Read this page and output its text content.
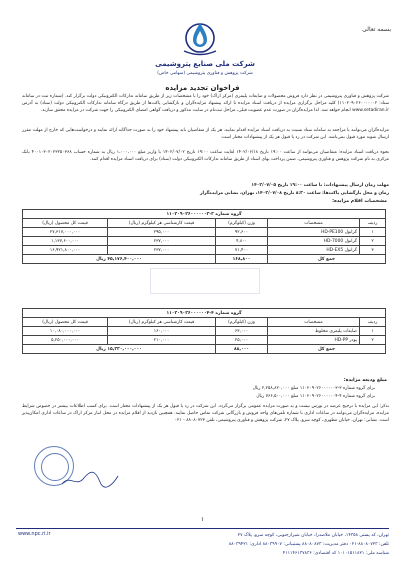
بسمه تعالی
شرکت ملی صنایع پتروشیمی
شرکت پژوهش و فناوری پتروشیمی (سهامی خاص)
فراخوان تجدید مزایده
شرکت پژوهش و فناوری پتروشیمی در نظر دارد فروش محصولات و ضایعات پلیمری (مرکز اراک) خود را با مشخصات زیر از طریق سامانه تدارکات الکترونیکی دولت برگزار کند. (شماره ثبت در سامانه ستاد: ۱۱۰۲۰۹۰۲۶۰۰۰۰۰۰۲) کلیه مراحل برگزاری مزایده از دریافت اسناد مزایده تا ارائه پیشنهاد مزایده‌گران و بازگشایی پاکت‌ها از طریق درگاه سامانه تدارکات الکترونیکی دولت (ستاد) به آدرس www.setadiran.ir انجام خواهد شد. لذا مزایده‌گران در صورت عدم عضویت قبلی، مراحل ثبت‌نام در سایت مذکور و دریافت گواهی امضای الکترونیکی را جهت شرکت در مزایده محقق سازند.
مزایده‌گران می‌توانند با مراجعه به سامانه ستاد نسبت به دریافت اسناد مزایده اقدام نمایند. هر یک از متقاضیان باید پیشنهاد خود را به صورت جداگانه ارائه نمایند و درخواست‌هایی که خارج از مهلت مقرر ارسال شوند مورد قبول نمی‌باشد. این شرکت در رد یا قبول هر یک از پیشنهادات مختار است.
نحوه دریافت اسناد مزایده: متقاضیان می‌توانند از ساعت ۱۹:۰۰ تاریخ ۱۴۰۲/۰۶/۱۸ لغایت ساعت ۱۹:۰۰ تاریخ ۱۴۰۲/۰۷/۰۲ با واریز مبلغ ۱،۰۰۰،۰۰۰ ریال به شماره حساب ۴۰۰۱۰۳۰۲۰۲۳۲۵۰۳۶۸ بانک مرکزی به نام شرکت پژوهش و فناوری پتروشیمی، ضمن پرداخت بهای اسناد از طریق سامانه تدارکات الکترونیکی دولت (ستاد) برای دریافت اسناد مزایده اقدام کنند.
مهلت زمان ارسال پیشنهادات: تا ساعت ۱۹:۰۰ تاریخ ۱۴۰۲/۰۷/۰۵
زمان و محل بازگشایی پاکت‌ها: ساعت ۸:۳۰ تاریخ ۱۴۰۲/۰۷/۰۸، تهران، نشانی مزایده‌گزار
مشخصات اقلام مزایده:
گروه شماره ۳-۱۱۰۲۰۹۰۲۶۰۰۰۰۰۰۳				
ردیف	مشخصات	وزن (کیلوگرم)	قیمت کارشناسی هر کیلوگرم (ریال)	قیمت کل محصول (ریال)
۱	گرانول HD-PE100	۹۲,۶۰۰	۲۹۵,۰۰۰	۲۷,۳۱۷,۰۰۰,۰۰۰
۲	گرانول HD-7000	۴,۸۰۰	۲۳۷,۰۰۰	۱,۱۳۷,۶۰۰,۰۰۰
۳	گرانول HD-EX5	۷۱,۴۰۰	۲۳۷,۰۰۰	۱۶,۹۲۱,۸۰۰,۰۰۰
جمع کل		۱۶۸,۸۰۰	۴۵,۱۷۶,۴۰۰,۰۰۰ ریال	
گروه شماره ۴-۱۱۰۲۰۹۰۲۶۰۰۰۰۰۰۴				
ردیف	مشخصات	وزن (کیلوگرم)	قیمت کارشناسی هر کیلوگرم (ریال)	قیمت کل محصول (ریال)
۱	ضایعات پلیمری مخلوط	۶۳,۰۰۰	۱۶۰,۰۰۰	۱۰,۰۸۰,۰۰۰,۰۰۰
۲	پودر HD-PP	۲۵,۰۰۰	۲۱۰,۰۰۰	۵,۲۵۰,۰۰۰,۰۰۰
جمع کل		۸۸,۰۰۰	۱۵,۳۳۰,۰۰۰,۰۰۰ ریال	
مبلغ ودیعه مزایده:
برای گروه شماره ۳-۱۱۰۲۰۹۰۲۶۰۰۰۰۰۰۳ مبلغ ۲,۲۵۸,۸۲۰,۰۰۰ ریال
برای گروه شماره ۴-۱۱۰۲۰۹۰۲۶۰۰۰۰۰۰۴ مبلغ ۷۶۶,۵۰۰,۰۰۰ ریال
تذکر: این مزایده با ترجیح عرضه در بورس نیست و به صورت مزایده عمومی برگزار می‌گردد. این شرکت در رد یا قبول هر یک از پیشنهادات مختار است. برای کسب اطلاعات بیشتر در خصوص شرایط مزایده، مزایده‌گران می‌توانند در ساعات اداری با شماره تلفن‌های واحد فروش و بازرگانی شرکت تماس حاصل نمایند. همچنین بازدید از اقلام مزایده در محل انبار مرکز اراک در ساعات اداری امکان‌پذیر است. نشانی: تهران، خیابان مطهری، کوچه سرو، پلاک ۲۷، شرکت پژوهش و فناوری پتروشیمی، تلفن ۸۸۰۸۰۷۲۳ - ۰۲۱
۱
www.npc.ri.ir	تهران، کد پستی ۱۴۳۵۸، خیابان ملاصدرا، خیابان شیرازجنوبی، کوچه سرو، پلاک ۲۷
تلفن: ۸۸۰۸۰۷۲۳-۰۲۱ دفتر مدیریت: ۸۸۰۸۰۸۷۳ پشتیبانی: ۸۸۰۳۹۹۰۷ اداری: ۸۸۰۳۹۴۲۱
شناسه ملی: ۱۰۱۰۱۵۱۱۸۲۱ کد اقتصادی: ۴۱۱۱۴۶۱۳۷۸۳۶
